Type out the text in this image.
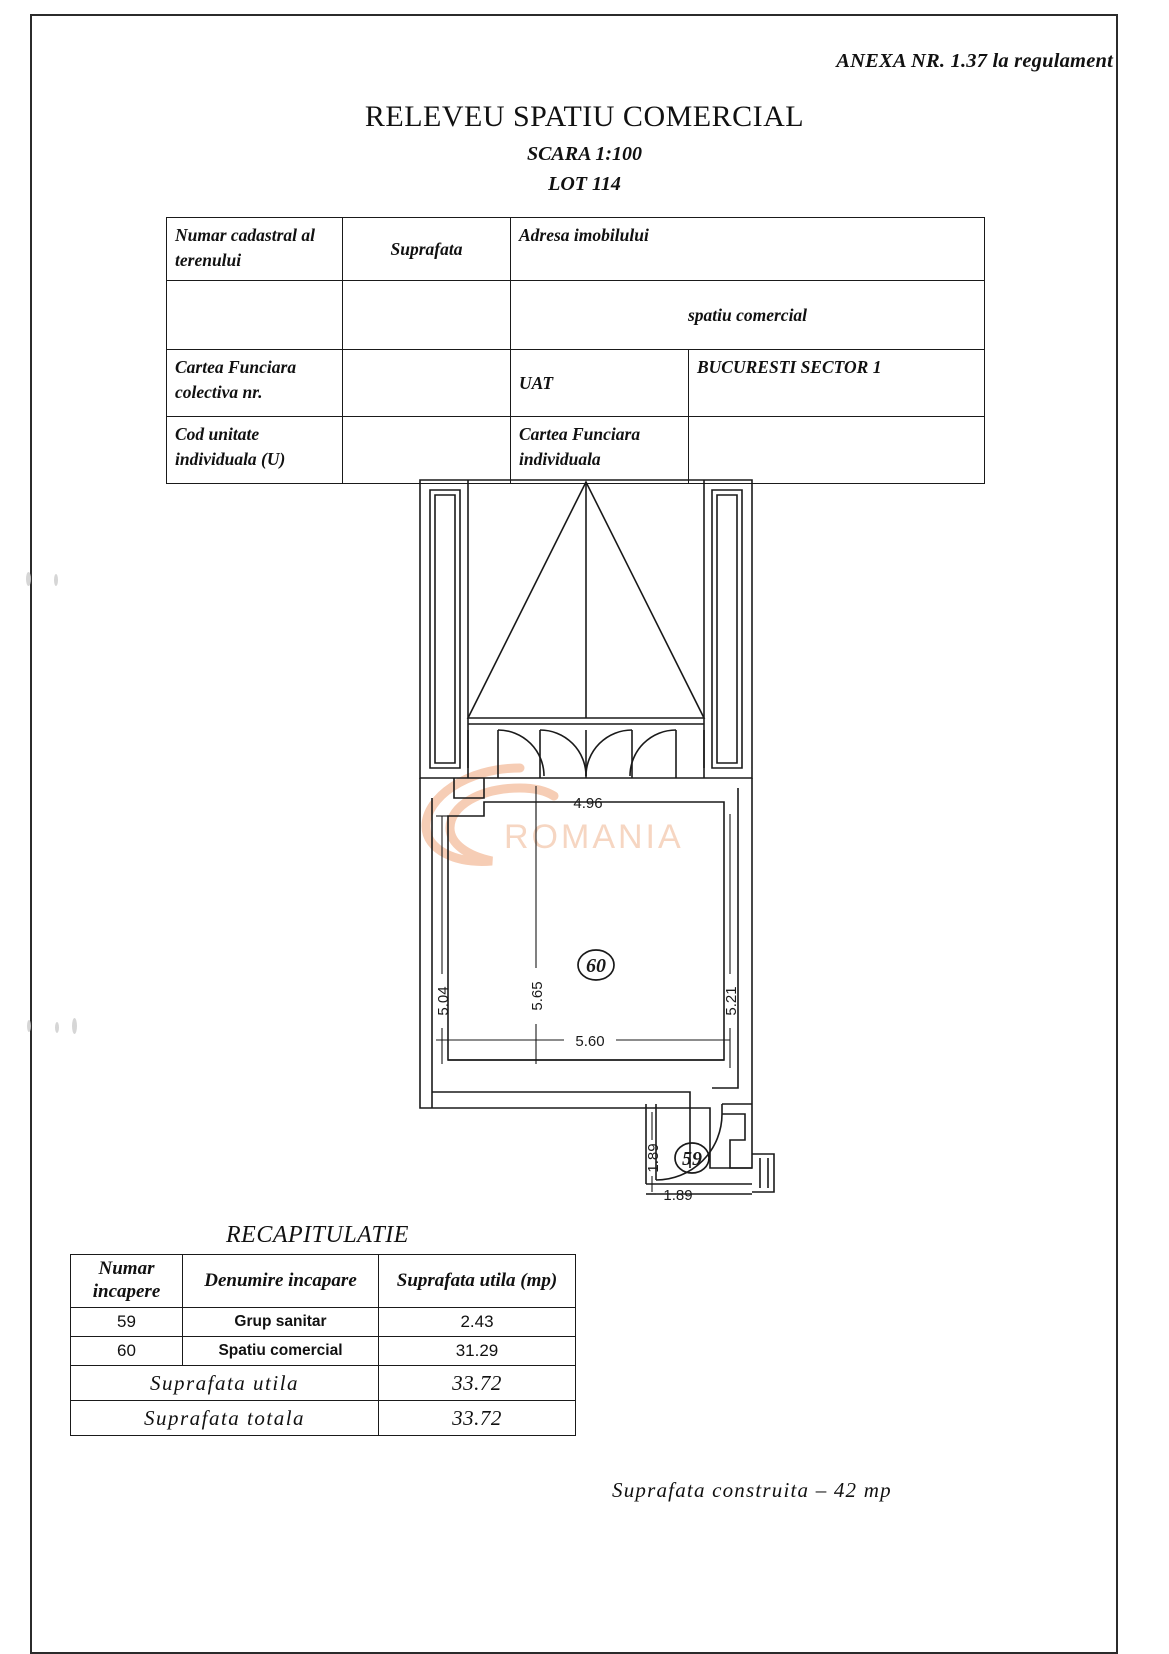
ANEXA NR. 1.37 la regulament
RELEVEU SPATIU COMERCIAL
SCARA 1:100
LOT 114
Numar cadastral al terenului	Suprafata	Adresa imobilului	
		spatiu comercial	
Cartea Funciara colectiva nr.		UAT	BUCURESTI SECTOR 1
Cod unitate individuala (U)		Cartea Funciara individuala	
ROMANIA
4.96
5.65
5.04	5.21
5.60
1.89
1.89
60
59
RECAPITULATIE
Numar incapere	Denumire incapare	Suprafata utila (mp)
59	Grup sanitar	2.43
60	Spatiu comercial	31.29
Suprafata utila		33.72
Suprafata totala		33.72
Suprafata construita – 42 mp
